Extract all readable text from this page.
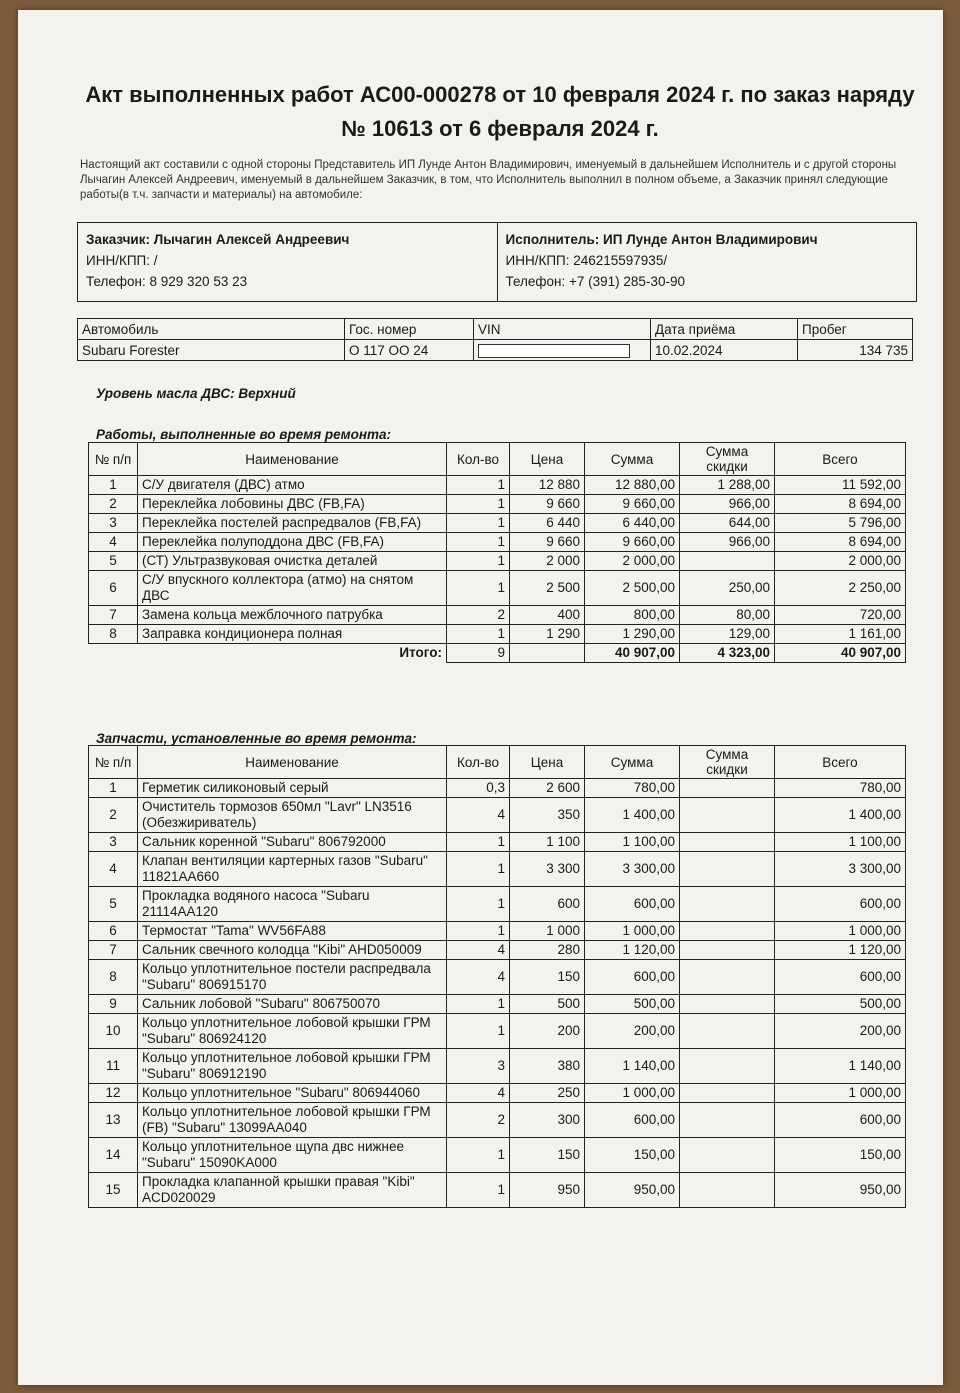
Акт выполненных работ АС00-000278 от 10 февраля 2024 г. по заказ наряду № 10613 от 6 февраля 2024 г.
Настоящий акт составили с одной стороны Представитель ИП Лунде Антон Владимирович, именуемый в дальнейшем Исполнитель и с другой стороны Лычагин Алексей Андреевич, именуемый в дальнейшем Заказчик, в том, что Исполнитель выполнил в полном объеме, а Заказчик принял следующие работы(в т.ч. запчасти и материалы) на автомобиле:
Заказчик: Лычагин Алексей Андреевич
ИНН/КПП: /
Телефон: 8 929 320 53 23

Исполнитель: ИП Лунде Антон Владимирович
ИНН/КПП: 246215597935/
Телефон: +7 (391) 285-30-90
Автомобиль	Гос. номер	VIN	Дата приёма	Пробег
Subaru Forester	О 117 ОО 24		10.02.2024	134 735
Уровень масла ДВС: Верхний
Работы, выполненные во время ремонта:
№ п/п	Наименование	Кол-во	Цена	Сумма	Сумма скидки	Всего
1	С/У двигателя (ДВС) атмо	1	12 880	12 880,00	1 288,00	11 592,00
2	Переклейка лобовины ДВС (FB,FA)	1	9 660	9 660,00	966,00	8 694,00
3	Переклейка постелей распредвалов (FB,FA)	1	6 440	6 440,00	644,00	5 796,00
4	Переклейка полуподдона ДВС (FB,FA)	1	9 660	9 660,00	966,00	8 694,00
5	(СТ) Ультразвуковая очистка деталей	1	2 000	2 000,00		2 000,00
6	С/У впускного коллектора (атмо) на снятом ДВС	1	2 500	2 500,00	250,00	2 250,00
7	Замена кольца межблочного патрубка	2	400	800,00	80,00	720,00
8	Заправка кондиционера полная	1	1 290	1 290,00	129,00	1 161,00
	Итого:	9		40 907,00	4 323,00	40 907,00
Запчасти, установленные во время ремонта:
№ п/п	Наименование	Кол-во	Цена	Сумма	Сумма скидки	Всего
1	Герметик силиконовый серый	0,3	2 600	780,00		780,00
2	Очиститель тормозов 650мл "Lavr" LN3516 (Обезжириватель)	4	350	1 400,00		1 400,00
3	Сальник коренной "Subaru" 806792000	1	1 100	1 100,00		1 100,00
4	Клапан вентиляции картерных газов "Subaru" 11821AA660	1	3 300	3 300,00		3 300,00
5	Прокладка водяного насоса "Subaru 21114AA120	1	600	600,00		600,00
6	Термостат "Tama" WV56FA88	1	1 000	1 000,00		1 000,00
7	Сальник свечного колодца "Kibi" AHD050009	4	280	1 120,00		1 120,00
8	Кольцо уплотнительное постели распредвала "Subaru" 806915170	4	150	600,00		600,00
9	Сальник лобовой "Subaru" 806750070	1	500	500,00		500,00
10	Кольцо уплотнительное лобовой крышки ГРМ "Subaru" 806924120	1	200	200,00		200,00
11	Кольцо уплотнительное лобовой крышки ГРМ "Subaru" 806912190	3	380	1 140,00		1 140,00
12	Кольцо уплотнительное "Subaru" 806944060	4	250	1 000,00		1 000,00
13	Кольцо уплотнительное лобовой крышки ГРМ (FB) "Subaru" 13099AA040	2	300	600,00		600,00
14	Кольцо уплотнительное щупа двс нижнее "Subaru" 15090KA000	1	150	150,00		150,00
15	Прокладка клапанной крышки правая "Kibi" ACD020029	1	950	950,00		950,00
